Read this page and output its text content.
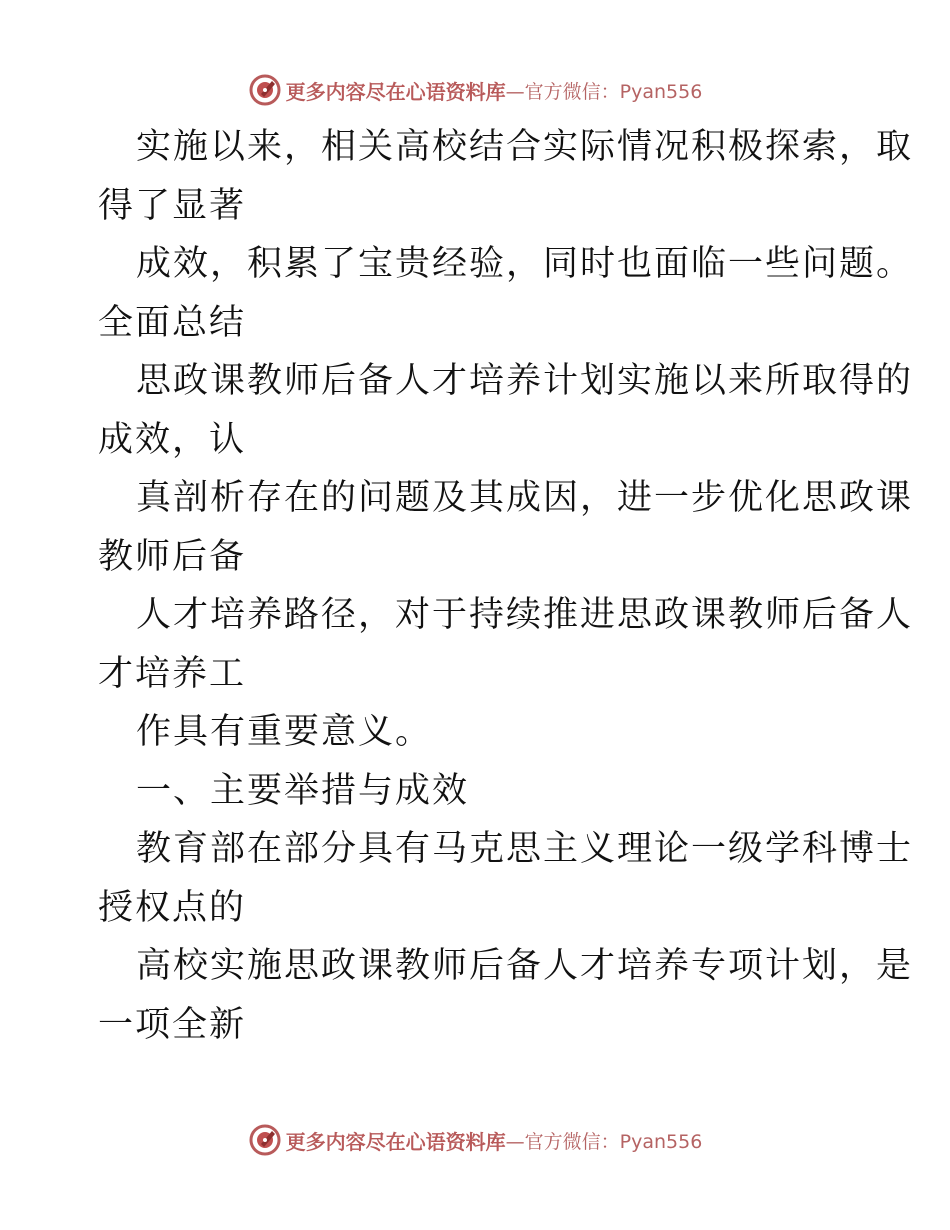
更多内容尽在心语资料库 —官方微信：Pyan556
实施以来，相关高校结合实际情况积极探索，取
得了显著
成效，积累了宝贵经验，同时也面临一些问题。
全面总结
思政课教师后备人才培养计划实施以来所取得的
成效，认
真剖析存在的问题及其成因，进一步优化思政课
教师后备
人才培养路径，对于持续推进思政课教师后备人
才培养工
作具有重要意义。
一、主要举措与成效
教育部在部分具有马克思主义理论一级学科博士
授权点的
高校实施思政课教师后备人才培养专项计划，是
一项全新
更多内容尽在心语资料库 —官方微信：Pyan556
